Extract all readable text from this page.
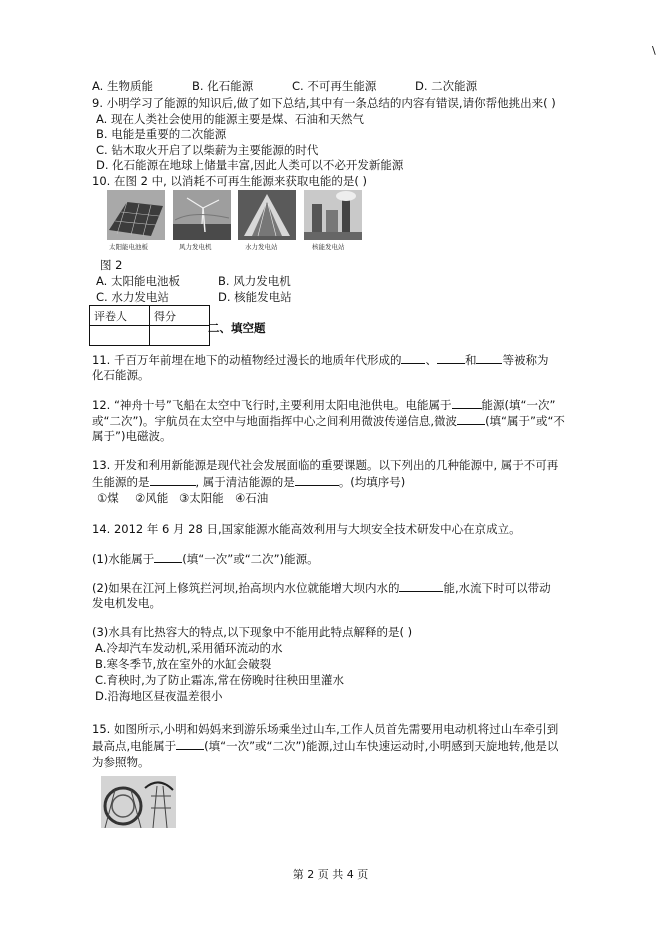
\
A. 生物质能	B. 化石能源	C. 不可再生能源	D. 二次能源
9. 小明学习了能源的知识后,做了如下总结,其中有一条总结的内容有错误,请你帮他挑出来( )
A. 现在人类社会使用的能源主要是煤、石油和天然气
B. 电能是重要的二次能源
C. 钻木取火开启了以柴薪为主要能源的时代
D. 化石能源在地球上储量丰富,因此人类可以不必开发新能源
10. 在图 2 中, 以消耗不可再生能源来获取电能的是( )
太阳能电池板	风力发电机	水力发电站	核能发电站
图 2
A. 太阳能电池板	B. 风力发电机
C. 水力发电站	D. 核能发电站
评卷人	得分

二、填空题
11. 千百万年前埋在地下的动植物经过漫长的地质年代形成的 、 和 等被称为
化石能源。
12. “神舟十号”飞船在太空中飞行时,主要利用太阳电池供电。电能属于	能源(填“一次”
或“二次”)。宇航员在太空中与地面指挥中心之间利用微波传递信息,微波 (填“属于”或“不
属于”)电磁波。
13. 开发和利用新能源是现代社会发展面临的重要课题。以下列出的几种能源中, 属于不可再
生能源的是	, 属于清洁能源的是	。(均填序号)
①煤 ②风能 ③太阳能 ④石油
14. 2012 年 6 月 28 日,国家能源水能高效利用与大坝安全技术研发中心在京成立。
(1)水能属于 (填“一次”或“二次”)能源。
(2)如果在江河上修筑拦河坝,抬高坝内水位就能增大坝内水的	能,水流下时可以带动
发电机发电。
(3)水具有比热容大的特点,以下现象中不能用此特点解释的是( )
A.冷却汽车发动机,采用循环流动的水
B.寒冬季节,放在室外的水缸会破裂
C.育秧时,为了防止霜冻,常在傍晚时往秧田里灌水
D.沿海地区昼夜温差很小
15. 如图所示,小明和妈妈来到游乐场乘坐过山车,工作人员首先需要用电动机将过山车牵引到
最高点,电能属于 (填“一次”或“二次”)能源,过山车快速运动时,小明感到天旋地转,他是以
为参照物。
第 2 页 共 4 页
